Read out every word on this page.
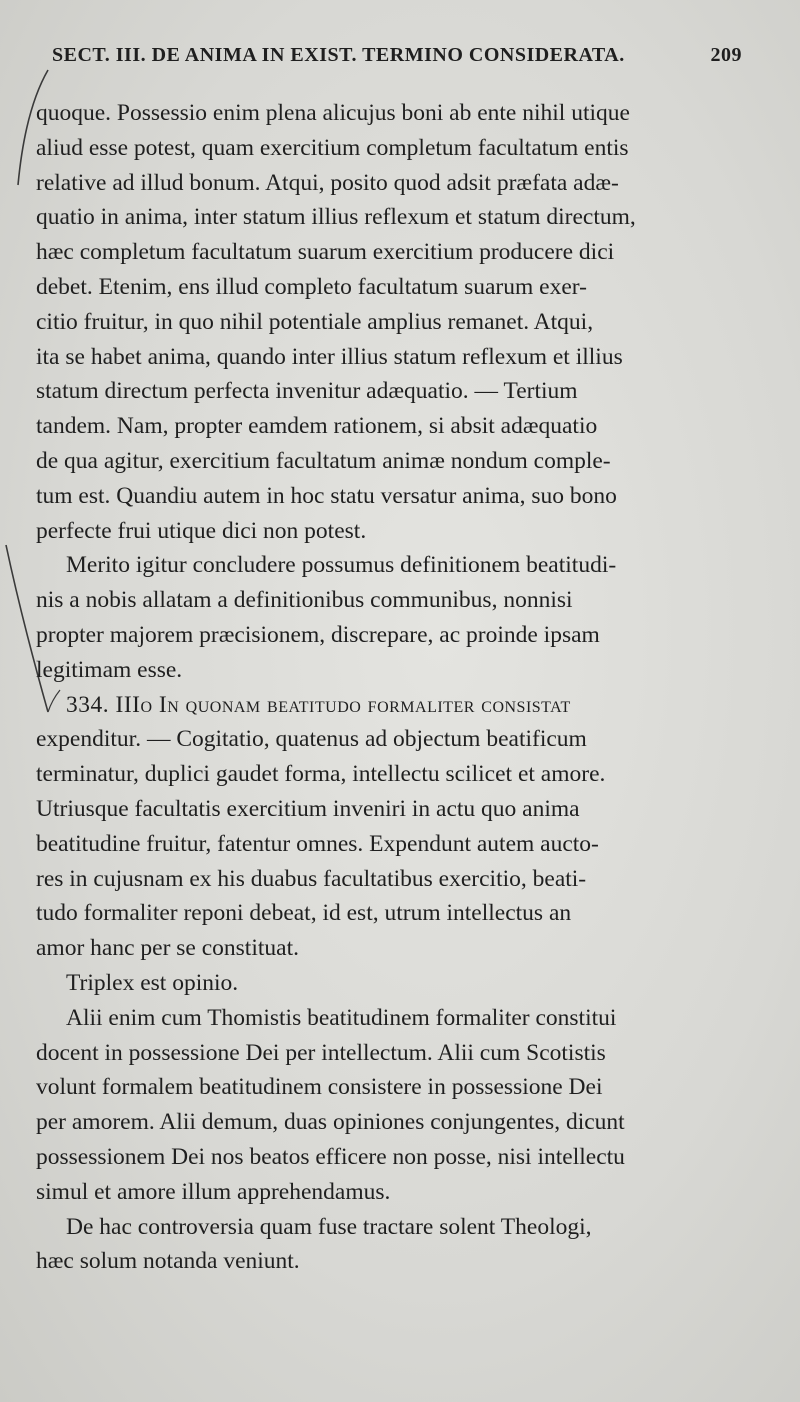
SECT. III. DE ANIMA IN EXIST. TERMINO CONSIDERATA.	209
quoque. Possessio enim plena alicujus boni ab ente nihil utique
aliud esse potest, quam exercitium completum facultatum entis
relative ad illud bonum. Atqui, posito quod adsit præfata adæ-
quatio in anima, inter statum illius reflexum et statum directum,
hæc completum facultatum suarum exercitium producere dici
debet. Etenim, ens illud completo facultatum suarum exer-
citio fruitur, in quo nihil potentiale amplius remanet. Atqui,
ita se habet anima, quando inter illius statum reflexum et illius
statum directum perfecta invenitur adæquatio. — Tertium
tandem. Nam, propter eamdem rationem, si absit adæquatio
de qua agitur, exercitium facultatum animæ nondum comple-
tum est. Quandiu autem in hoc statu versatur anima, suo bono
perfecte frui utique dici non potest.
Merito igitur concludere possumus definitionem beatitudi-
nis a nobis allatam a definitionibus communibus, nonnisi
propter majorem præcisionem, discrepare, ac proinde ipsam
legitimam esse.
334. IIIo In quonam beatitudo formaliter consistat
expenditur. — Cogitatio, quatenus ad objectum beatificum
terminatur, duplici gaudet forma, intellectu scilicet et amore.
Utriusque facultatis exercitium inveniri in actu quo anima
beatitudine fruitur, fatentur omnes. Expendunt autem aucto-
res in cujusnam ex his duabus facultatibus exercitio, beati-
tudo formaliter reponi debeat, id est, utrum intellectus an
amor hanc per se constituat.
Triplex est opinio.
Alii enim cum Thomistis beatitudinem formaliter constitui
docent in possessione Dei per intellectum. Alii cum Scotistis
volunt formalem beatitudinem consistere in possessione Dei
per amorem. Alii demum, duas opiniones conjungentes, dicunt
possessionem Dei nos beatos efficere non posse, nisi intellectu
simul et amore illum apprehendamus.
De hac controversia quam fuse tractare solent Theologi,
hæc solum notanda veniunt.
